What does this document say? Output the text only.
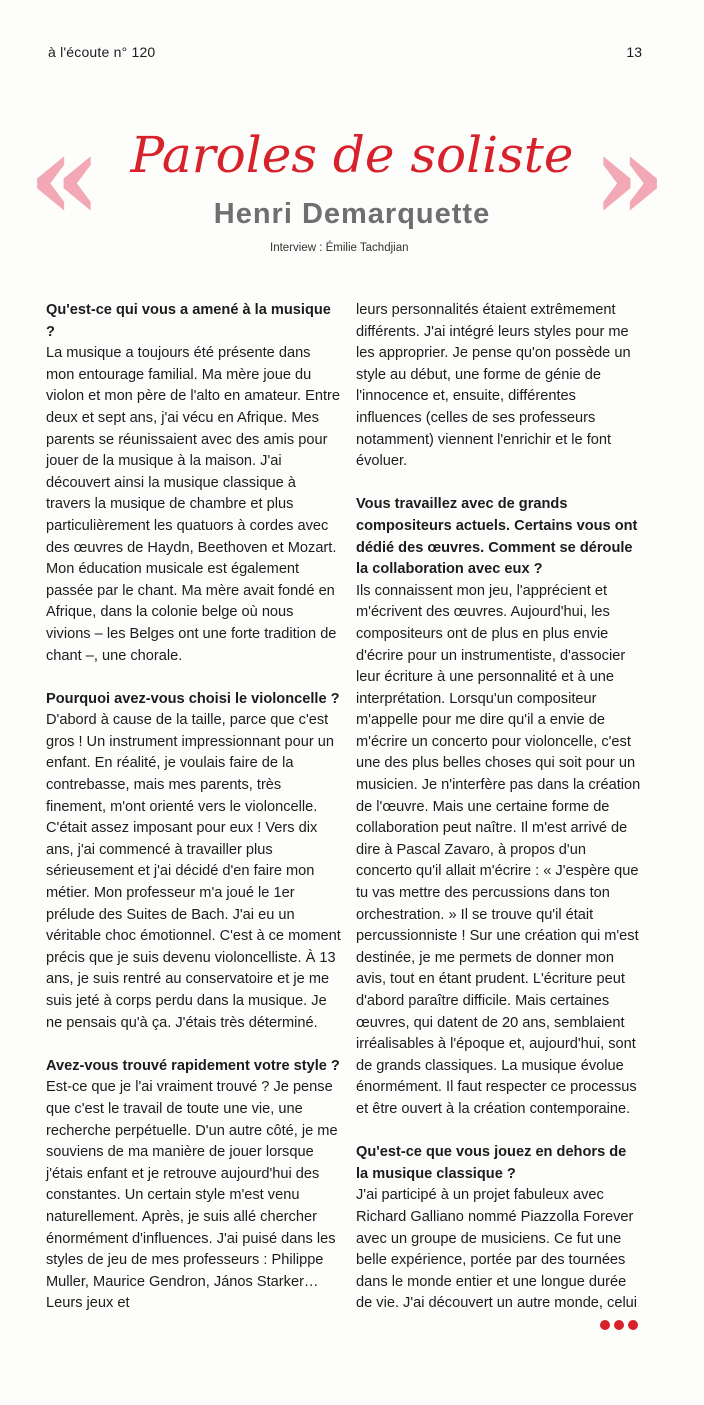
à l'écoute n° 120	13
«	»
Paroles de soliste
Henri Demarquette
Interview : Émilie Tachdjian

Qu'est-ce qui vous a amené à la musique ?

La musique a toujours été présente dans mon entourage familial. Ma mère joue du violon et mon père de l'alto en amateur. Entre deux et sept ans, j'ai vécu en Afrique. Mes parents se réunissaient avec des amis pour jouer de la musique à la maison. J'ai découvert ainsi la musique classique à travers la musique de chambre et plus particulièrement les quatuors à cordes avec des œuvres de Haydn, Beethoven et Mozart. Mon éducation musicale est également passée par le chant. Ma mère avait fondé en Afrique, dans la colonie belge où nous vivions – les Belges ont une forte tradition de chant –, une chorale.

Pourquoi avez-vous choisi le violoncelle ?

D'abord à cause de la taille, parce que c'est gros ! Un instrument impressionnant pour un enfant. En réalité, je voulais faire de la contrebasse, mais mes parents, très finement, m'ont orienté vers le violoncelle. C'était assez imposant pour eux ! Vers dix ans, j'ai commencé à travailler plus sérieusement et j'ai décidé d'en faire mon métier. Mon professeur m'a joué le 1er prélude des Suites de Bach. J'ai eu un véritable choc émotionnel. C'est à ce moment précis que je suis devenu violoncelliste. À 13 ans, je suis rentré au conservatoire et je me suis jeté à corps perdu dans la musique. Je ne pensais qu'à ça. J'étais très déterminé.

Avez-vous trouvé rapidement votre style ?

Est-ce que je l'ai vraiment trouvé ? Je pense que c'est le travail de toute une vie, une recherche perpétuelle. D'un autre côté, je me souviens de ma manière de jouer lorsque j'étais enfant et je retrouve aujourd'hui des constantes. Un certain style m'est venu naturellement. Après, je suis allé chercher énormément d'influences. J'ai puisé dans les styles de jeu de mes professeurs : Philippe Muller, Maurice Gendron, János Starker… Leurs jeux et

leurs personnalités étaient extrêmement différents. J'ai intégré leurs styles pour me les approprier. Je pense qu'on possède un style au début, une forme de génie de l'innocence et, ensuite, différentes influences (celles de ses professeurs notamment) viennent l'enrichir et le font évoluer.

Vous travaillez avec de grands compositeurs actuels. Certains vous ont dédié des œuvres. Comment se déroule la collaboration avec eux ?

Ils connaissent mon jeu, l'apprécient et m'écrivent des œuvres. Aujourd'hui, les compositeurs ont de plus en plus envie d'écrire pour un instrumentiste, d'associer leur écriture à une personnalité et à une interprétation. Lorsqu'un compositeur m'appelle pour me dire qu'il a envie de m'écrire un concerto pour violoncelle, c'est une des plus belles choses qui soit pour un musicien. Je n'interfère pas dans la création de l'œuvre. Mais une certaine forme de collaboration peut naître. Il m'est arrivé de dire à Pascal Zavaro, à propos d'un concerto qu'il allait m'écrire : « J'espère que tu vas mettre des percussions dans ton orchestration. » Il se trouve qu'il était percussionniste ! Sur une création qui m'est destinée, je me permets de donner mon avis, tout en étant prudent. L'écriture peut d'abord paraître difficile. Mais certaines œuvres, qui datent de 20 ans, semblaient irréalisables à l'époque et, aujourd'hui, sont de grands classiques. La musique évolue énormément. Il faut respecter ce processus et être ouvert à la création contemporaine.

Qu'est-ce que vous jouez en dehors de la musique classique ?

J'ai participé à un projet fabuleux avec Richard Galliano nommé Piazzolla Forever avec un groupe de musiciens. Ce fut une belle expérience, portée par des tournées dans le monde entier et une longue durée de vie. J'ai découvert un autre monde, celui
